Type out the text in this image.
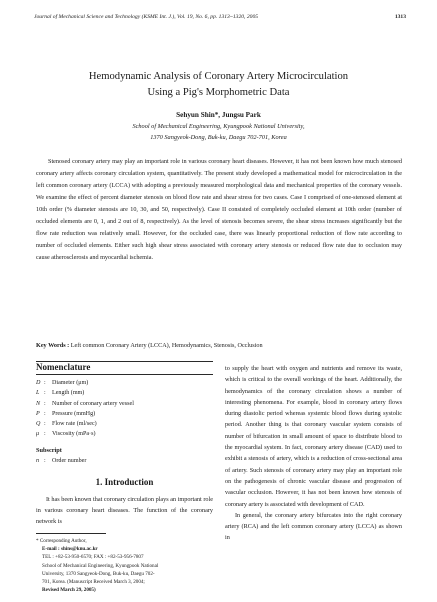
Journal of Mechanical Science and Technology (KSME Int. J.), Vol. 19, No. 6, pp. 1313~1320, 2005	1313
Hemodynamic Analysis of Coronary Artery Microcirculation
Using a Pig's Morphometric Data
Sehyun Shin*, Jungsu Park
School of Mechanical Engineering, Kyungpook National University,
1370 Sangyeok-Dong, Buk-ku, Daegu 702-701, Korea
Stenosed coronary artery may play an important role in various coronary heart diseases. However, it has not been known how much stenosed coronary artery affects coronary circulation system, quantitatively. The present study developed a mathematical model for microcirculation in the left common coronary artery (LCCA) with adopting a previously measured morphological data and mechanical properties of the coronary vessels. We examine the effect of percent diameter stenosis on blood flow rate and shear stress for two cases. Case I comprised of one-stenosed element at 10th order (% diameter stenosis are 10, 30, and 50, respectively). Case II consisted of completely occluded element at 10th order (number of occluded elements are 0, 1, and 2 out of 8, respectively). As the level of stenosis becomes severe, the shear stress increases significantly but the flow rate reduction was relatively small. However, for the occluded case, there was linearly proportional reduction of flow rate according to number of occluded elements. Either such high shear stress associated with coronary artery stenosis or reduced flow rate due to occlusion may cause atherosclerosis and myocardial ischemia.
Key Words : Left common Coronary Artery (LCCA), Hemodynamics, Stenosis, Occlusion
Nomenclature
D :	Diameter (μm)
L :	Length (mm)
N :	Number of coronary artery vessel
P :	Pressure (mmHg)
Q :	Flow rate (ml/sec)
μ :	Viscosity (mPa·s)
Subscript
n :	Order number
1. Introduction
It has been known that coronary circulation plays an important role in various coronary heart diseases. The function of the coronary network is
* Corresponding Author,
E-mail : shins@knu.ac.kr
TEL : +82-53-950-6570; FAX : +82-53-956-7807
School of Mechanical Engineering, Kyungpook National
University, 1370 Sangyeok-Dong, Buk-ku, Daegu 702-
701, Korea. (Manuscript Received March 3, 2004;
Revised March 29, 2005)

to supply the heart with oxygen and nutrients and remove its waste, which is critical to the overall workings of the heart. Additionally, the hemodynamics of the coronary circulation shows a number of interesting phenomena. For example, blood in coronary artery flows during diastolic period whereas systemic blood flows during systolic period. Another thing is that coronary vascular system consists of number of bifurcation in small amount of space to distribute blood to the myocardial system. In fact, coronary artery disease (CAD) used to exhibit a stenosis of artery, which is a reduction of cross-sectional area of artery. Such stenosis of coronary artery may play an important role on the pathogenesis of chronic vascular disease and progression of vascular occlusion. However, it has not been known how stenosis of coronary artery is associated with development of CAD.

In general, the coronary artery bifurcates into the right coronary artery (RCA) and the left common coronary artery (LCCA) as shown in
